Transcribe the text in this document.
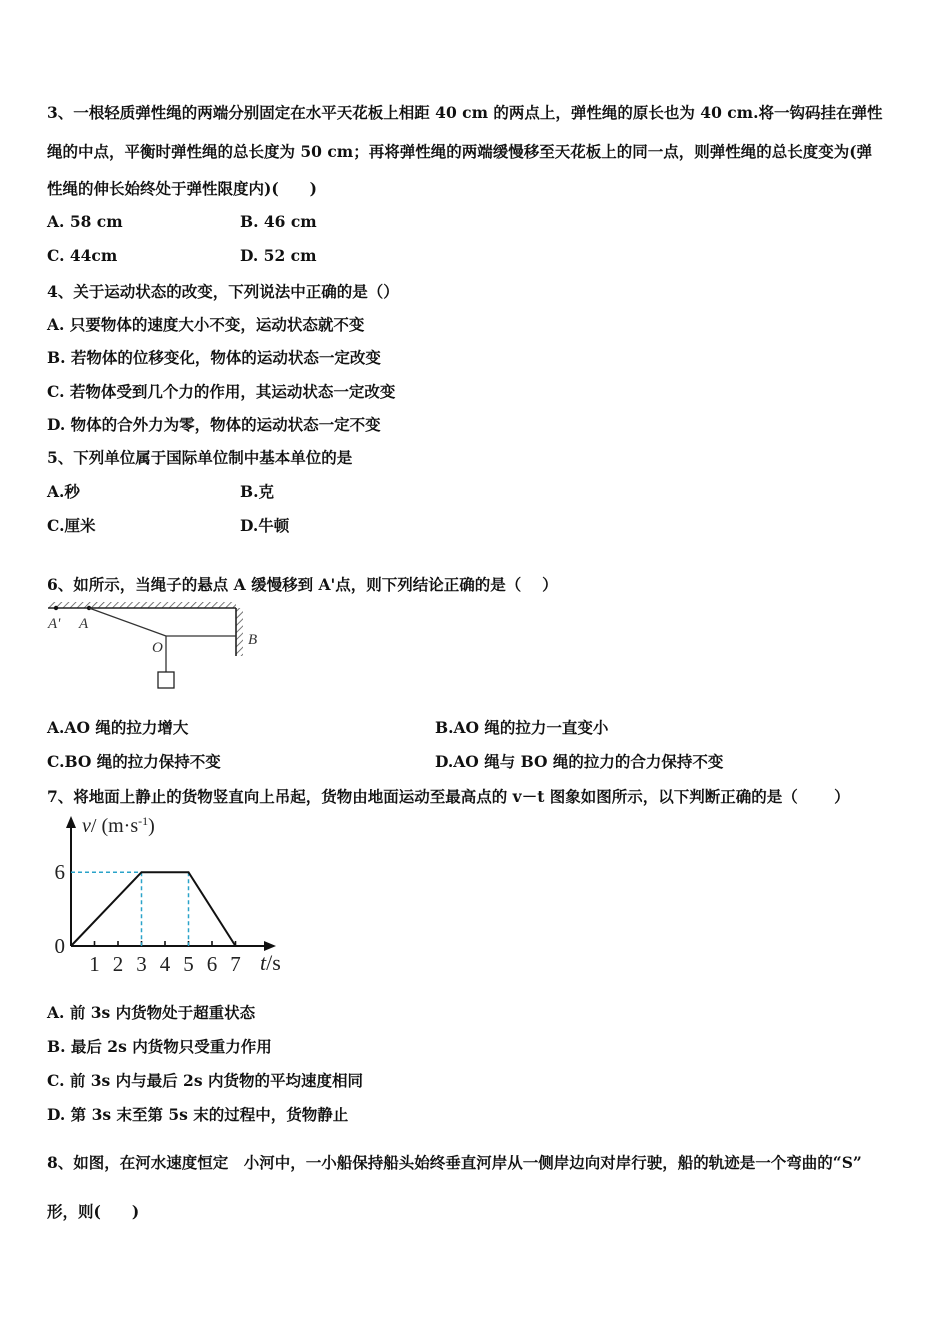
3、一根轻质弹性绳的两端分别固定在水平天花板上相距 40 cm 的两点上，弹性绳的原长也为 40 cm.将一钩码挂在弹性
绳的中点，平衡时弹性绳的总长度为 50 cm；再将弹性绳的两端缓慢移至天花板上的同一点，则弹性绳的总长度变为(弹
性绳的伸长始终处于弹性限度内)(　　)
A. 58 cm	B. 46 cm
C. 44cm	D. 52 cm
4、关于运动状态的改变，下列说法中正确的是（）
A. 只要物体的速度大小不变，运动状态就不变
B. 若物体的位移变化，物体的运动状态一定改变
C. 若物体受到几个力的作用，其运动状态一定改变
D. 物体的合外力为零，物体的运动状态一定不变
5、下列单位属于国际单位制中基本单位的是
A.秒	B.克
C.厘米	D.牛顿
6、如所示，当绳子的悬点 A 缓慢移到 A'点，则下列结论正确的是（　 ）
A' A
O	B
A.AO 绳的拉力增大	B.AO 绳的拉力一直变小
C.BO 绳的拉力保持不变	D.AO 绳与 BO 绳的拉力的合力保持不变
7、将地面上静止的货物竖直向上吊起，货物由地面运动至最高点的 v－t 图象如图所示，以下判断正确的是（　　 ）
1 2 3 4 5 6 7
0
6
v/ $(m\cdot s^{-1})$
t/s
A. 前 3s 内货物处于超重状态
B. 最后 2s 内货物只受重力作用
C. 前 3s 内与最后 2s 内货物的平均速度相同
D. 第 3s 末至第 5s 末的过程中，货物静止
8、如图，在河水速度恒定　小河中，一小船保持船头始终垂直河岸从一侧岸边向对岸行驶，船的轨迹是一个弯曲的“S”
形，则(　　)
